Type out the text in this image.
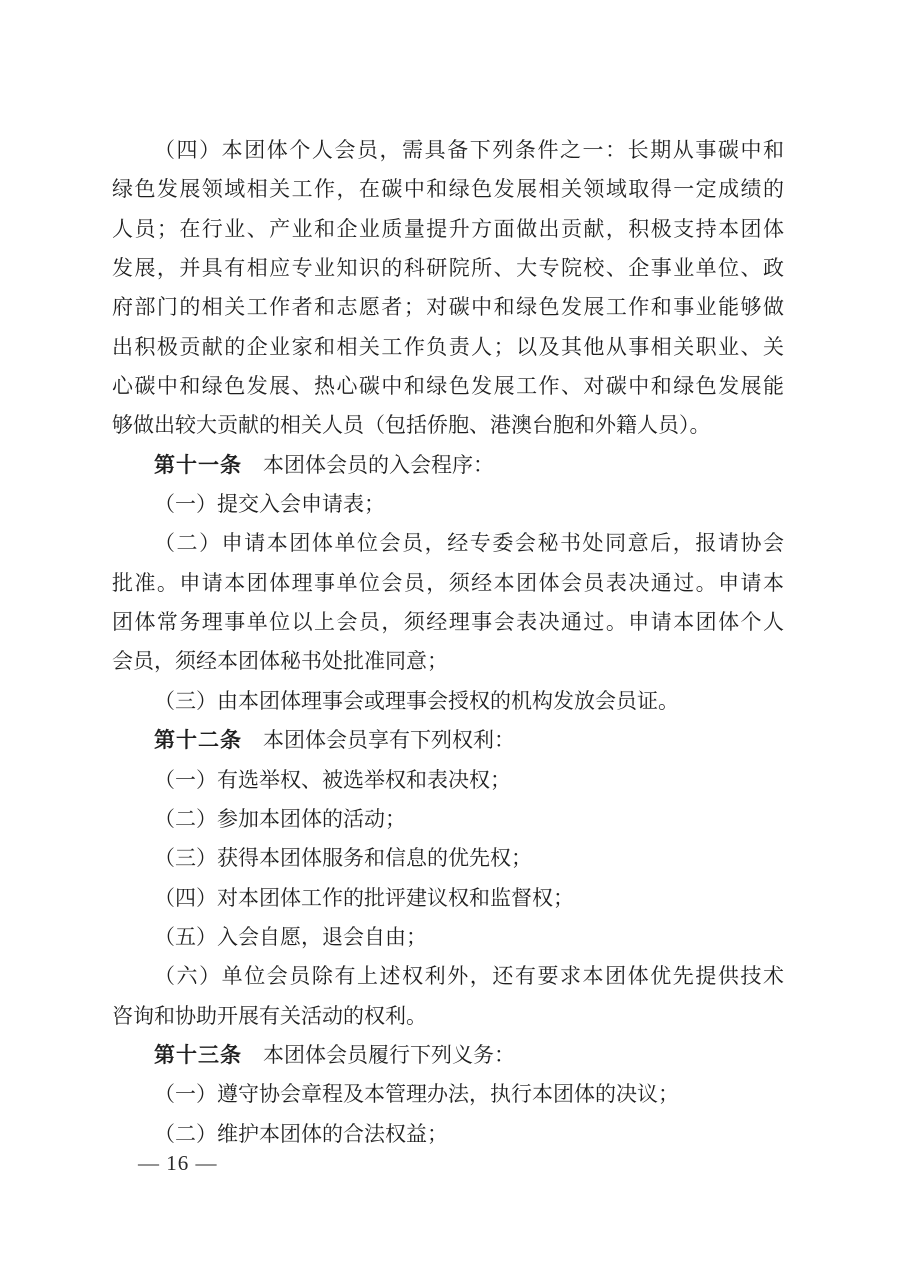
（四）本团体个人会员，需具备下列条件之一：长期从事碳中和
绿色发展领域相关工作，在碳中和绿色发展相关领域取得一定成绩的
人员；在行业、产业和企业质量提升方面做出贡献，积极支持本团体
发展，并具有相应专业知识的科研院所、大专院校、企事业单位、政
府部门的相关工作者和志愿者；对碳中和绿色发展工作和事业能够做
出积极贡献的企业家和相关工作负责人；以及其他从事相关职业、关
心碳中和绿色发展、热心碳中和绿色发展工作、对碳中和绿色发展能
够做出较大贡献的相关人员（包括侨胞、港澳台胞和外籍人员）。
第十一条 本团体会员的入会程序：
（一）提交入会申请表；
（二）申请本团体单位会员，经专委会秘书处同意后，报请协会
批准。申请本团体理事单位会员，须经本团体会员表决通过。申请本
团体常务理事单位以上会员，须经理事会表决通过。申请本团体个人
会员，须经本团体秘书处批准同意；
（三）由本团体理事会或理事会授权的机构发放会员证。
第十二条 本团体会员享有下列权利：
（一）有选举权、被选举权和表决权；
（二）参加本团体的活动；
（三）获得本团体服务和信息的优先权；
（四）对本团体工作的批评建议权和监督权；
（五）入会自愿，退会自由；
（六）单位会员除有上述权利外，还有要求本团体优先提供技术
咨询和协助开展有关活动的权利。
第十三条 本团体会员履行下列义务：
（一）遵守协会章程及本管理办法，执行本团体的决议；
（二）维护本团体的合法权益；
— 16 —
